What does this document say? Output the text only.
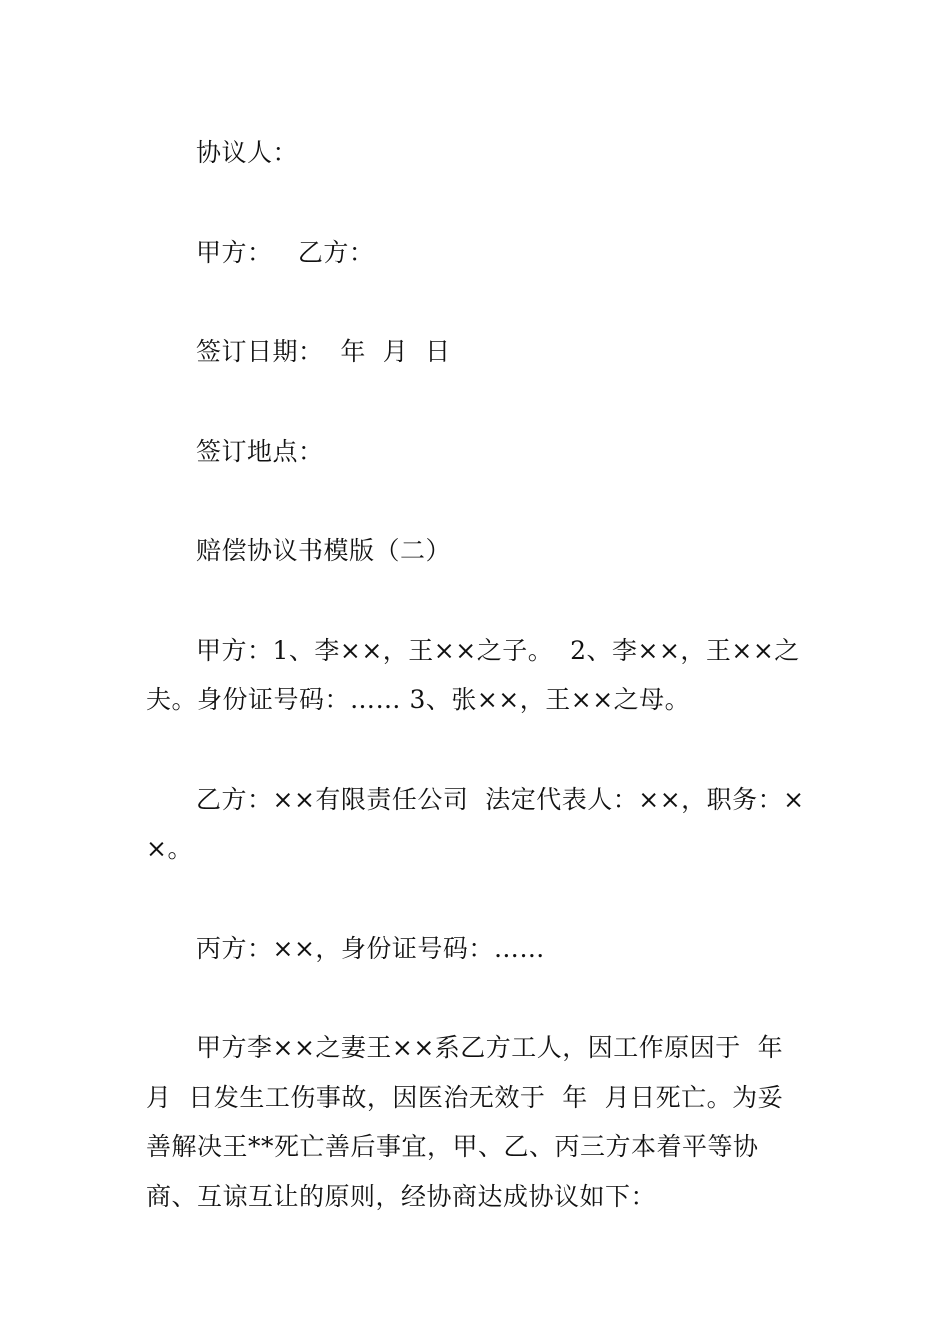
协议人：

甲方：   乙方：

签订日期：  年  月  日

签订地点：

赔偿协议书模版（二）

甲方：1、李××，王××之子。  2、李××，王××之夫。身份证号码：…… 3、张××，王××之母。

乙方：××有限责任公司  法定代表人：××，职务：××。

丙方：××，身份证号码：……

甲方李××之妻王××系乙方工人，因工作原因于  年  月  日发生工伤事故，因医治无效于  年  月日死亡。为妥善解决王**死亡善后事宜，甲、乙、丙三方本着平等协商、互谅互让的原则，经协商达成协议如下：
